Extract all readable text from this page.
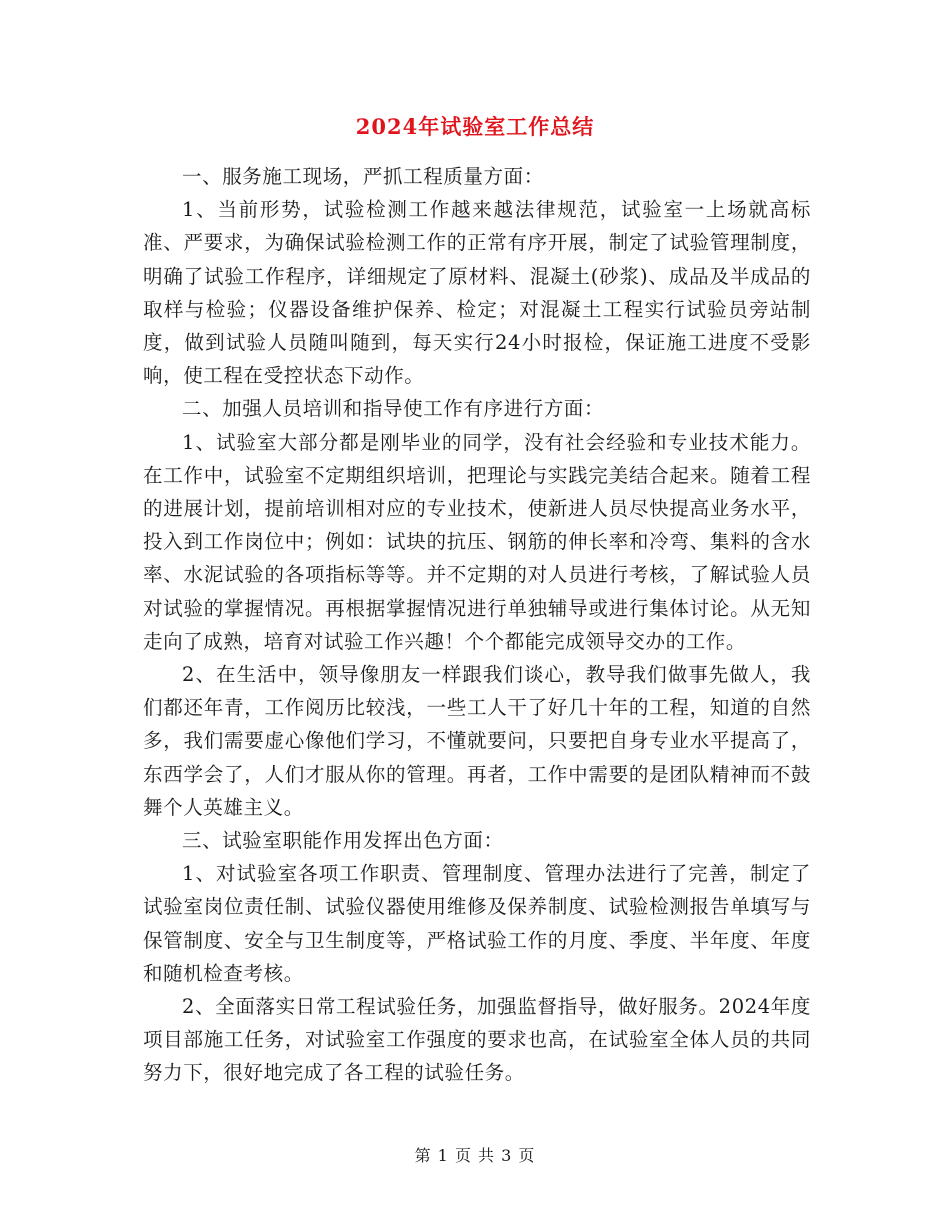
2024年试验室工作总结

一、服务施工现场，严抓工程质量方面：

1、当前形势，试验检测工作越来越法律规范，试验室一上场就高标准、严要求，为确保试验检测工作的正常有序开展，制定了试验管理制度，明确了试验工作程序，详细规定了原材料、混凝土(砂浆)、成品及半成品的取样与检验；仪器设备维护保养、检定；对混凝土工程实行试验员旁站制度，做到试验人员随叫随到，每天实行24小时报检，保证施工进度不受影响，使工程在受控状态下动作。

二、加强人员培训和指导使工作有序进行方面：

1、试验室大部分都是刚毕业的同学，没有社会经验和专业技术能力。在工作中，试验室不定期组织培训，把理论与实践完美结合起来。随着工程的进展计划，提前培训相对应的专业技术，使新进人员尽快提高业务水平，投入到工作岗位中；例如：试块的抗压、钢筋的伸长率和冷弯、集料的含水率、水泥试验的各项指标等等。并不定期的对人员进行考核，了解试验人员对试验的掌握情况。再根据掌握情况进行单独辅导或进行集体讨论。从无知走向了成熟，培育对试验工作兴趣！个个都能完成领导交办的工作。

2、在生活中，领导像朋友一样跟我们谈心，教导我们做事先做人，我们都还年青，工作阅历比较浅，一些工人干了好几十年的工程，知道的自然多，我们需要虚心像他们学习，不懂就要问，只要把自身专业水平提高了，东西学会了，人们才服从你的管理。再者，工作中需要的是团队精神而不鼓舞个人英雄主义。

三、试验室职能作用发挥出色方面：

1、对试验室各项工作职责、管理制度、管理办法进行了完善，制定了试验室岗位责任制、试验仪器使用维修及保养制度、试验检测报告单填写与保管制度、安全与卫生制度等，严格试验工作的月度、季度、半年度、年度和随机检查考核。

2、全面落实日常工程试验任务，加强监督指导，做好服务。2024年度项目部施工任务，对试验室工作强度的要求也高，在试验室全体人员的共同努力下，很好地完成了各工程的试验任务。

第 1 页 共 3 页
